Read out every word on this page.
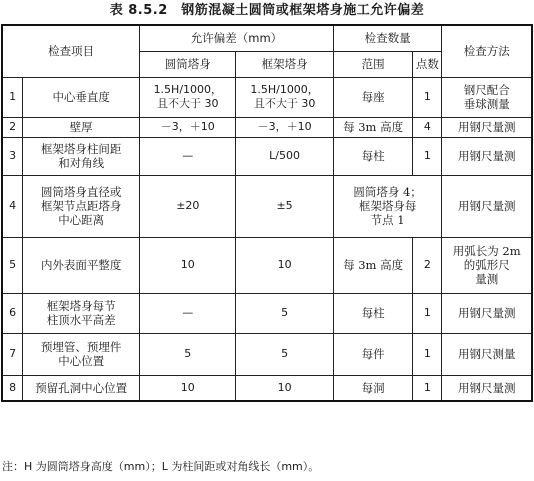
表 8.5.2　钢筋混凝土圆筒或框架塔身施工允许偏差
检查项目		允许偏差（mm）		检查数量		检查方法
		圆筒塔身	框架塔身	范围	点数	
1	中心垂直度	1.5H/1000，
且不大于 30	1.5H/1000，
且不大于 30	每座	1	钢尺配合
垂球测量
2	壁厚	－3，＋10	－3，＋10	每 3m 高度	4	用钢尺量测
3	框架塔身柱间距
和对角线	—	L/500	每柱	1	用钢尺量测
4	圆筒塔身直径或
框架节点距塔身
中心距离	±20	±5	圆筒塔身 4；
框架塔身每
节点 1		用钢尺量测
5	内外表面平整度	10	10	每 3m 高度	2	用弧长为 2m
的弧形尺
量测
6	框架塔身每节
柱顶水平高差	—	5	每柱	1	用钢尺量测
7	预埋管、预埋件
中心位置	5	5	每件	1	用钢尺测量
8	预留孔洞中心位置	10	10	每洞	1	用钢尺量测
注：H 为圆筒塔身高度（mm）；L 为柱间距或对角线长（mm）。
